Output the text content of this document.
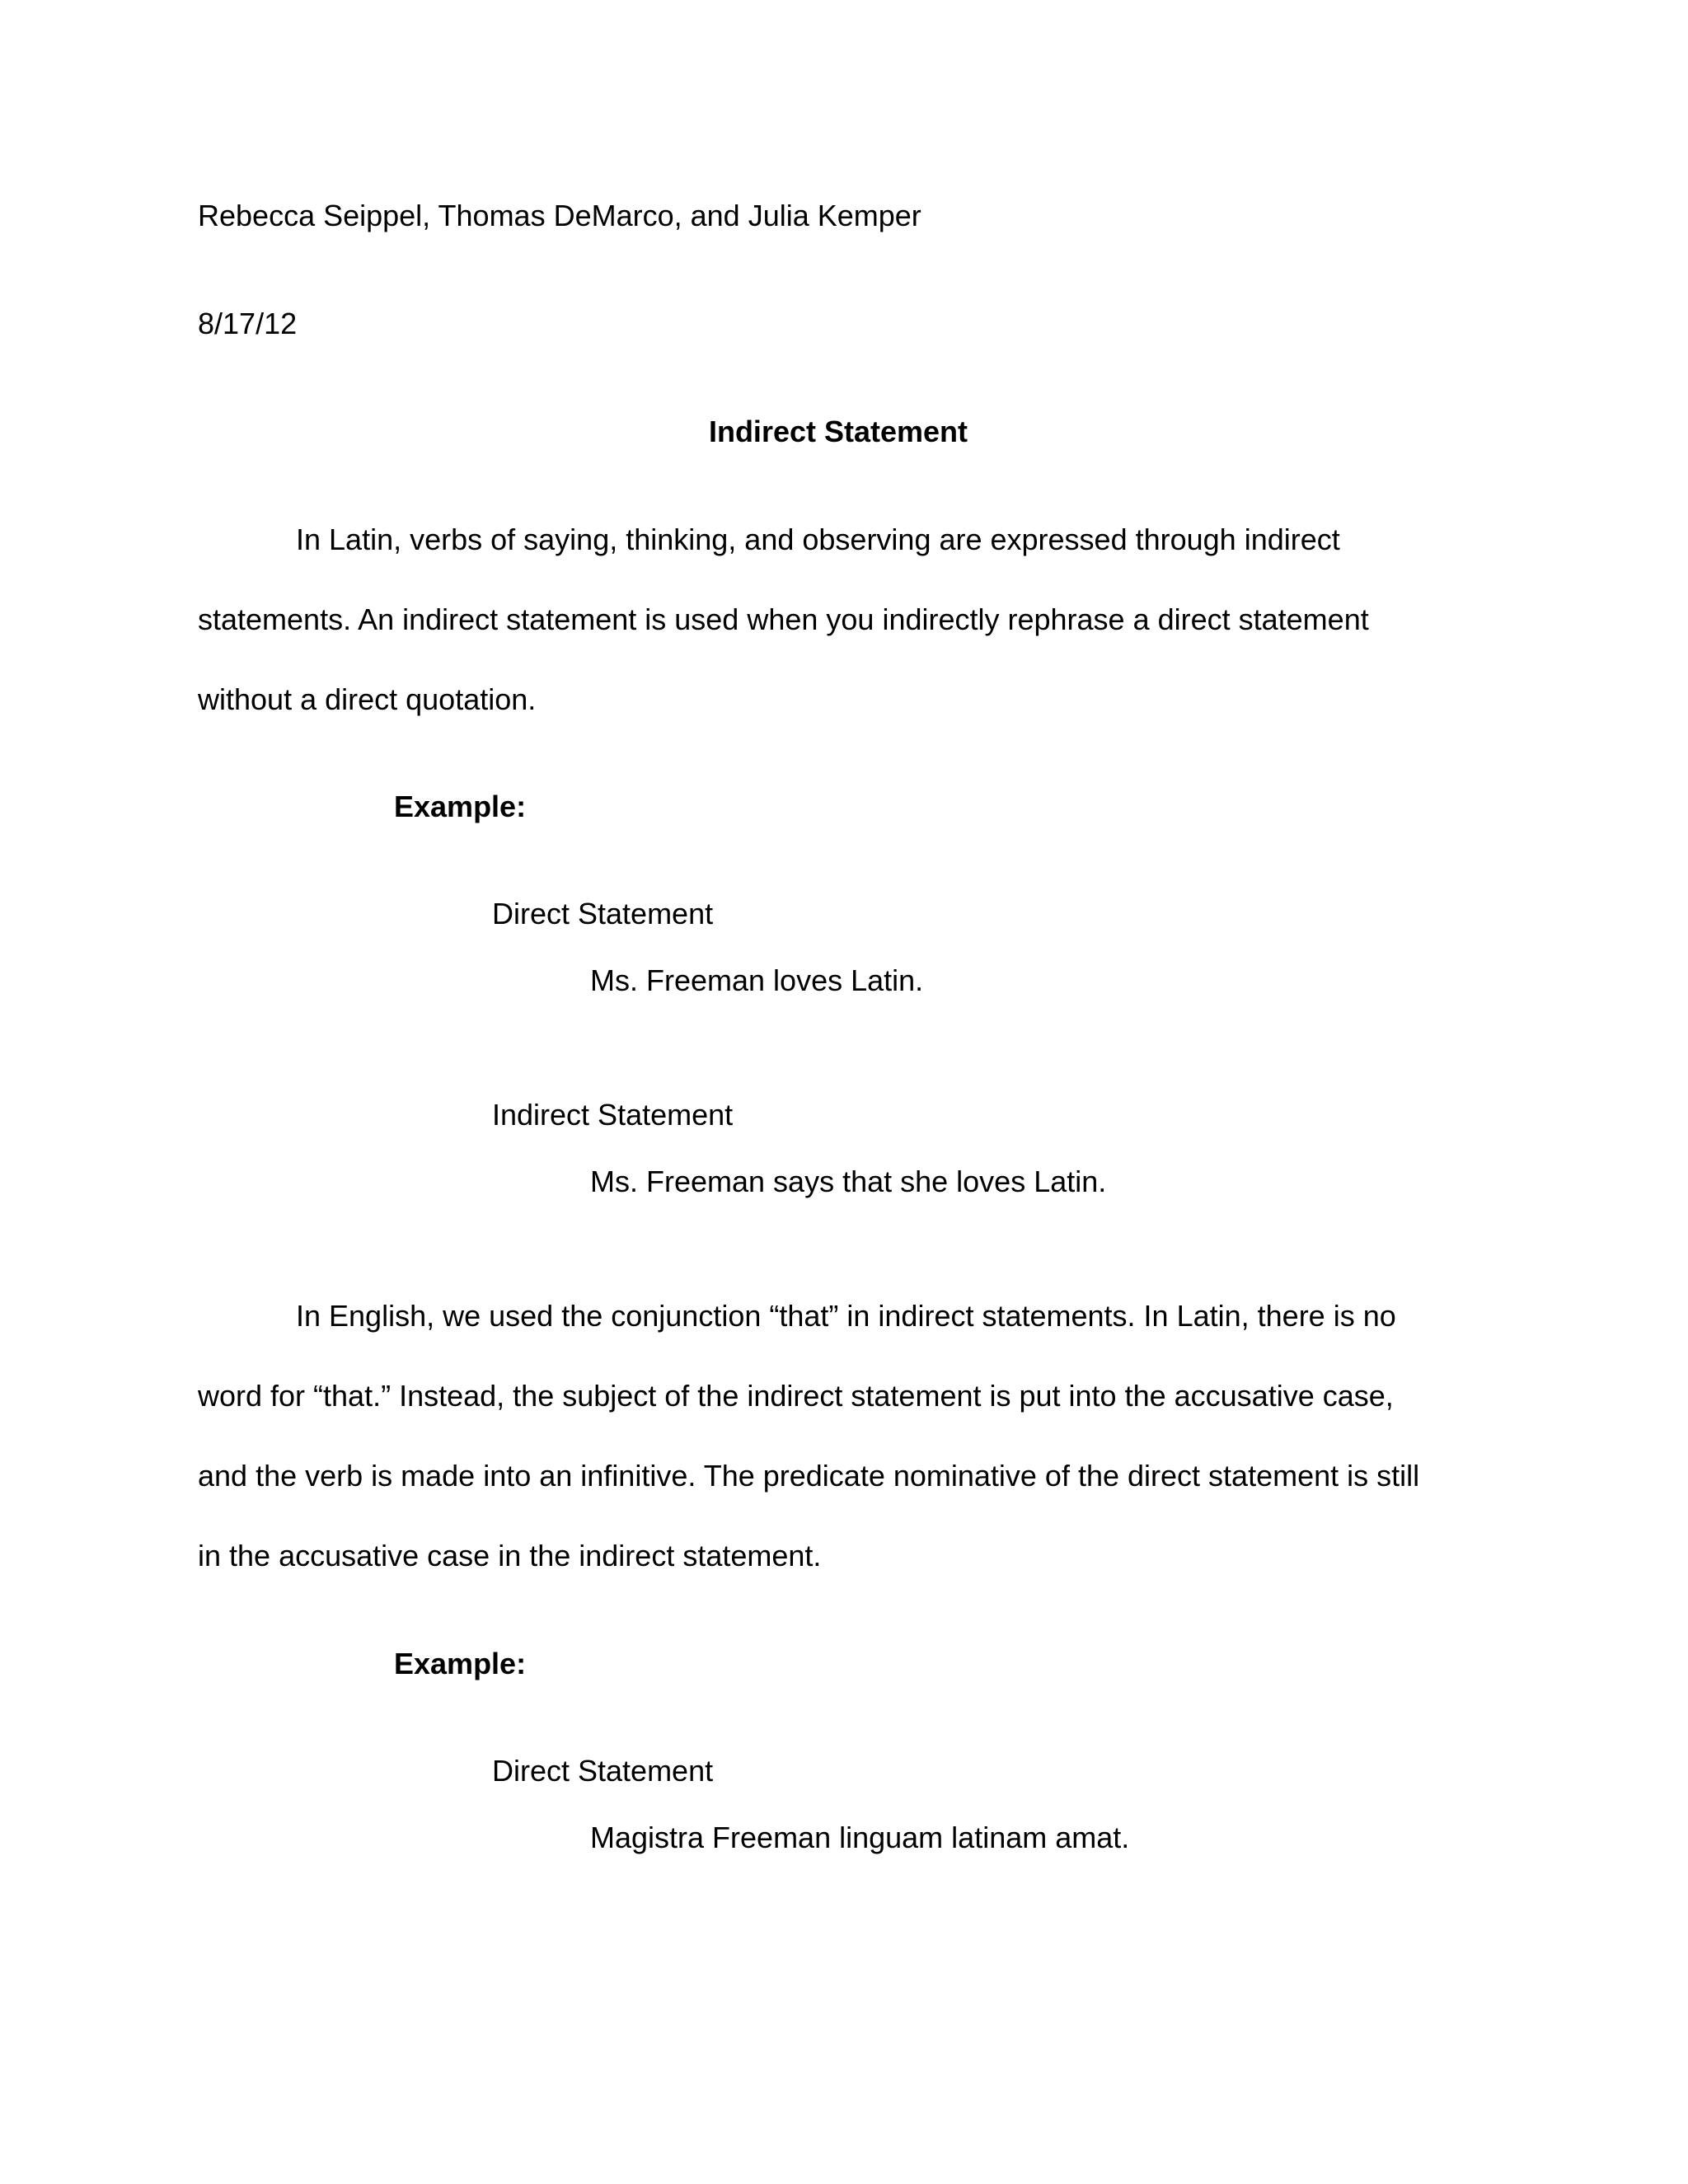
Rebecca Seippel, Thomas DeMarco, and Julia Kemper

8/17/12

Indirect Statement

In Latin, verbs of saying, thinking, and observing are expressed through indirect

statements. An indirect statement is used when you indirectly rephrase a direct statement

without a direct quotation.

Example:

Direct Statement

Ms. Freeman loves Latin.

Indirect Statement

Ms. Freeman says that she loves Latin.

In English, we used the conjunction “that” in indirect statements. In Latin, there is no

word for “that.” Instead, the subject of the indirect statement is put into the accusative case,

and the verb is made into an infinitive. The predicate nominative of the direct statement is still

in the accusative case in the indirect statement.

Example:

Direct Statement

Magistra Freeman linguam latinam amat.
